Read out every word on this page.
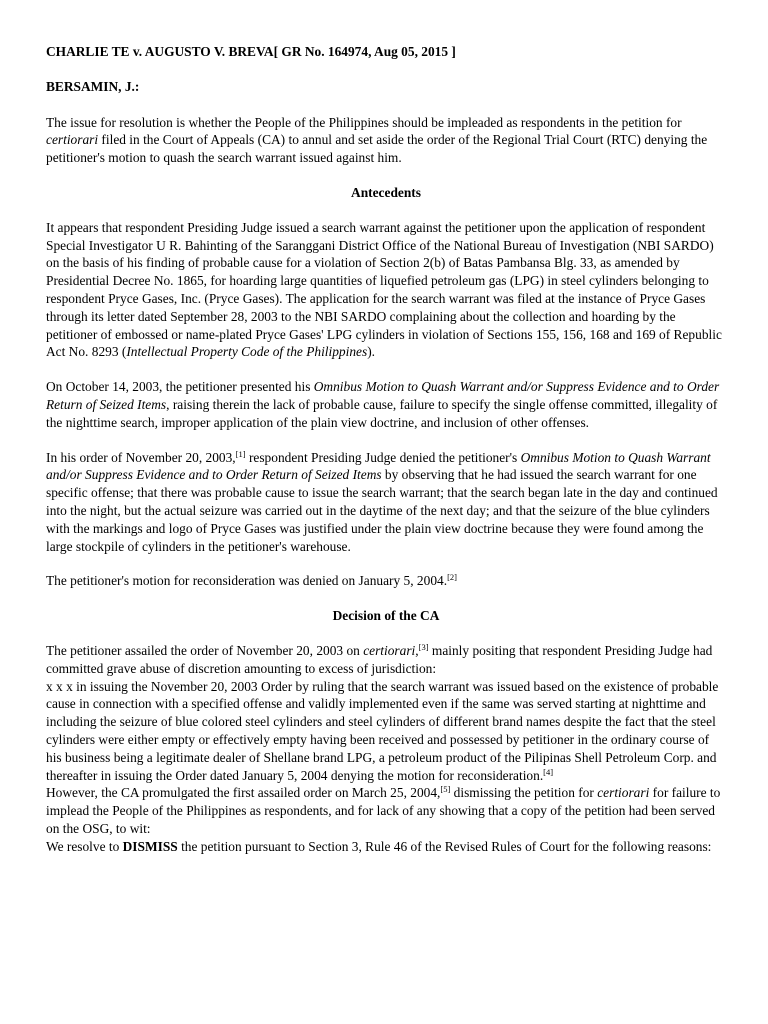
CHARLIE TE v. AUGUSTO V. BREVA[ GR No. 164974, Aug 05, 2015 ]

BERSAMIN, J.:

The issue for resolution is whether the People of the Philippines should be impleaded as respondents in the petition for certiorari filed in the Court of Appeals (CA) to annul and set aside the order of the Regional Trial Court (RTC) denying the petitioner's motion to quash the search warrant issued against him.

Antecedents

It appears that respondent Presiding Judge issued a search warrant against the petitioner upon the application of respondent Special Investigator U R. Bahinting of the Saranggani District Office of the National Bureau of Investigation (NBI SARDO) on the basis of his finding of probable cause for a violation of Section 2(b) of Batas Pambansa Blg. 33, as amended by Presidential Decree No. 1865, for hoarding large quantities of liquefied petroleum gas (LPG) in steel cylinders belonging to respondent Pryce Gases, Inc. (Pryce Gases). The application for the search warrant was filed at the instance of Pryce Gases through its letter dated September 28, 2003 to the NBI SARDO complaining about the collection and hoarding by the petitioner of embossed or name-plated Pryce Gases' LPG cylinders in violation of Sections 155, 156, 168 and 169 of Republic Act No. 8293 (Intellectual Property Code of the Philippines).

On October 14, 2003, the petitioner presented his Omnibus Motion to Quash Warrant and/or Suppress Evidence and to Order Return of Seized Items, raising therein the lack of probable cause, failure to specify the single offense committed, illegality of the nighttime search, improper application of the plain view doctrine, and inclusion of other offenses.

In his order of November 20, 2003,[1] respondent Presiding Judge denied the petitioner's Omnibus Motion to Quash Warrant and/or Suppress Evidence and to Order Return of Seized Items by observing that he had issued the search warrant for one specific offense; that there was probable cause to issue the search warrant; that the search began late in the day and continued into the night, but the actual seizure was carried out in the daytime of the next day; and that the seizure of the blue cylinders with the markings and logo of Pryce Gases was justified under the plain view doctrine because they were found among the large stockpile of cylinders in the petitioner's warehouse.

The petitioner's motion for reconsideration was denied on January 5, 2004.[2]

Decision of the CA

The petitioner assailed the order of November 20, 2003 on certiorari,[3] mainly positing that respondent Presiding Judge had committed grave abuse of discretion amounting to excess of jurisdiction:

x x x in issuing the November 20, 2003 Order by ruling that the search warrant was issued based on the existence of probable cause in connection with a specified offense and validly implemented even if the same was served starting at nighttime and including the seizure of blue colored steel cylinders and steel cylinders of different brand names despite the fact that the steel cylinders were either empty or effectively empty having been received and possessed by petitioner in the ordinary course of his business being a legitimate dealer of Shellane brand LPG, a petroleum product of the Pilipinas Shell Petroleum Corp. and thereafter in issuing the Order dated January 5, 2004 denying the motion for reconsideration.[4]

However, the CA promulgated the first assailed order on March 25, 2004,[5] dismissing the petition for certiorari for failure to implead the People of the Philippines as respondents, and for lack of any showing that a copy of the petition had been served on the OSG, to wit:

We resolve to DISMISS the petition pursuant to Section 3, Rule 46 of the Revised Rules of Court for the following reasons:
